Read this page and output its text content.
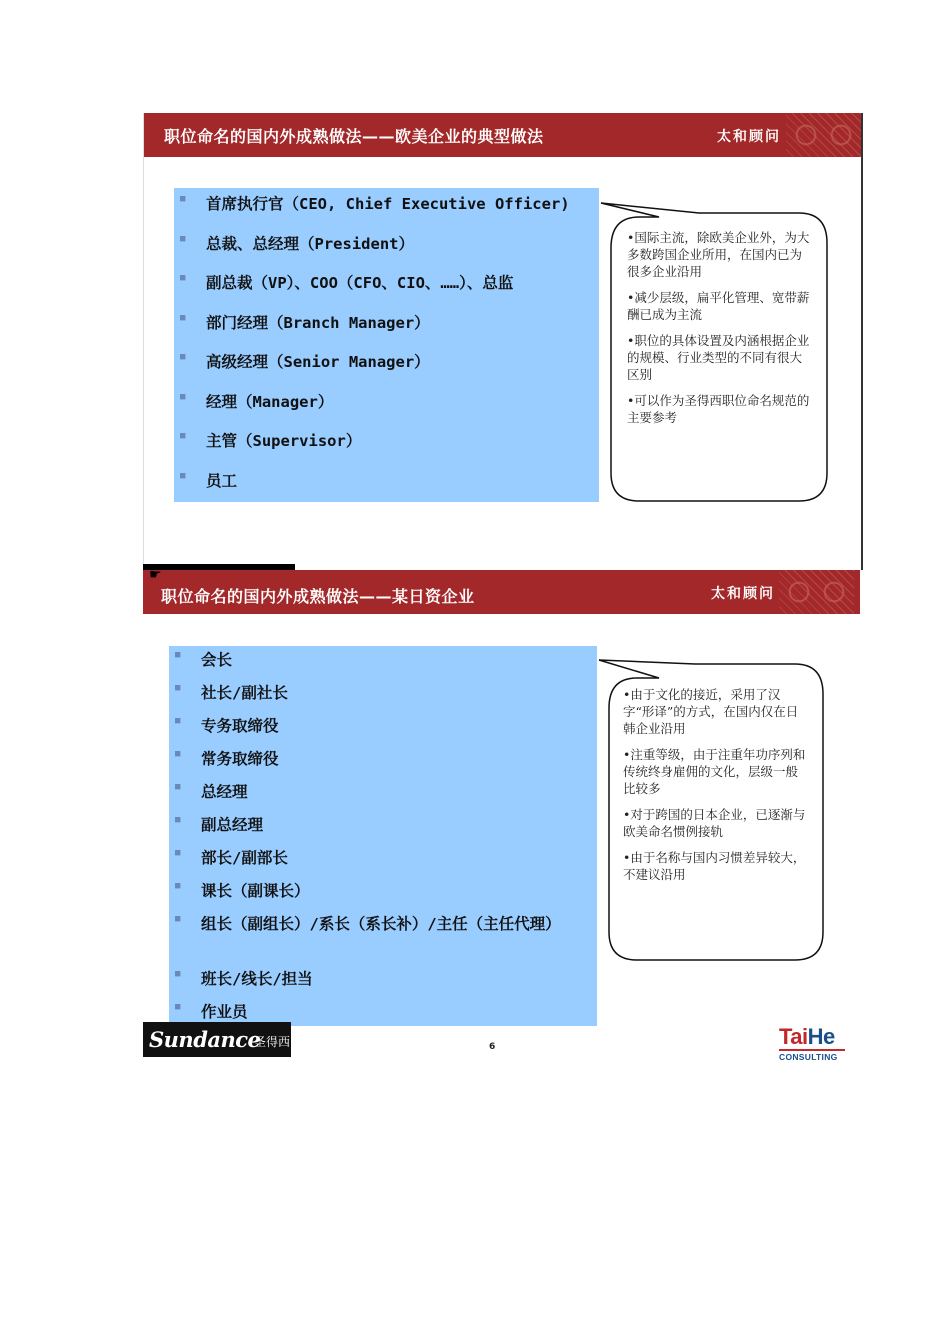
职位命名的国内外成熟做法——欧美企业的典型做法	太和顾问
■ 首席执行官（CEO, Chief Executive Officer)
■ 总裁、总经理（President）
■ 副总裁（VP）、COO（CFO、CIO、……）、总监
■ 部门经理（Branch Manager）
■ 高级经理（Senior Manager）
■ 经理（Manager）
■ 主管（Supervisor）
■ 员工

•国际主流，除欧美企业外，为大多数跨国企业所用，在国内已为很多企业沿用

•减少层级，扁平化管理、宽带薪酬已成为主流

•职位的具体设置及内涵根据企业的规模、行业类型的不同有很大区别

•可以作为圣得西职位命名规范的主要参考

☛
职位命名的国内外成熟做法——某日资企业	太和顾问
■ 会长
■ 社长/副社长
■ 专务取缔役
■ 常务取缔役
■ 总经理
■ 副总经理
■ 部长/副部长
■ 课长（副课长）
■ 组长（副组长）/系长（系长补）/主任（主任代理）
■ 班长/线长/担当
■ 作业员

•由于文化的接近，采用了汉字“形译”的方式，在国内仅在日韩企业沿用

•注重等级，由于注重年功序列和传统终身雇佣的文化，层级一般比较多

•对于跨国的日本企业，已逐渐与欧美命名惯例接轨

•由于名称与国内习惯差异较大，不建议沿用

Sundance
圣得西	6	TaiHe
CONSULTING
